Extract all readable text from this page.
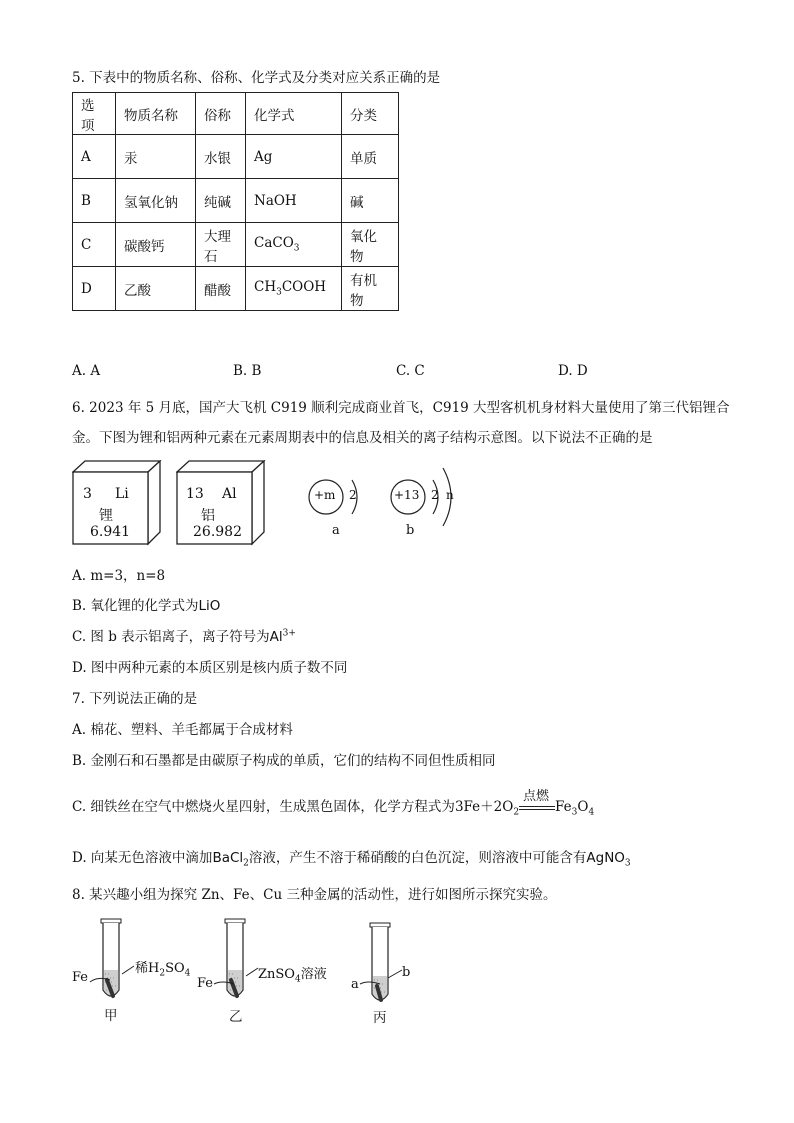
5. 下表中的物质名称、俗称、化学式及分类对应关系正确的是
选项	物质名称	俗称	化学式	分类
A	汞	水银	Ag	单质
B	氢氧化钠	纯碱	NaOH	碱
C	碳酸钙	大理石	CaCO$_3$	氧化物
D	乙酸	醋酸	$CH_3COOH$	有机物
A. A	B. B	C. C	D. D
6. 2023 年 5 月底，国产大飞机 C919 顺利完成商业首飞，C919 大型客机机身材料大量使用了第三代铝锂合
金。下图为锂和铝两种元素在元素周期表中的信息及相关的离子结构示意图。以下说法不正确的是
3 Li
锂
6.941
13 Al
铝
26.982
+m 2
a
+13 2 n
b
A. m=3，n=8
B. 氧化锂的化学式为LiO
C. 图 b 表示铝离子，离子符号为$Al^{3+}$
D. 图中两种元素的本质区别是核内质子数不同
7. 下列说法正确的是
A. 棉花、塑料、羊毛都属于合成材料
B. 金刚石和石墨都是由碳原子构成的单质，它们的结构不同但性质相同
C. 细铁丝在空气中燃烧火星四射，生成黑色固体，化学方程式为$3Fe+2O_2$
点燃
$Fe_3O_4$
D. 向某无色溶液中滴加BaCl$_2$溶液，产生不溶于稀硝酸的白色沉淀，则溶液中可能含有AgNO$_3$
8. 某兴趣小组为探究 Zn、Fe、Cu 三种金属的活动性，进行如图所示探究实验。
Fe
稀$H_2SO_4$
甲
Fe
ZnSO$_4$溶液
乙
a
b
丙
